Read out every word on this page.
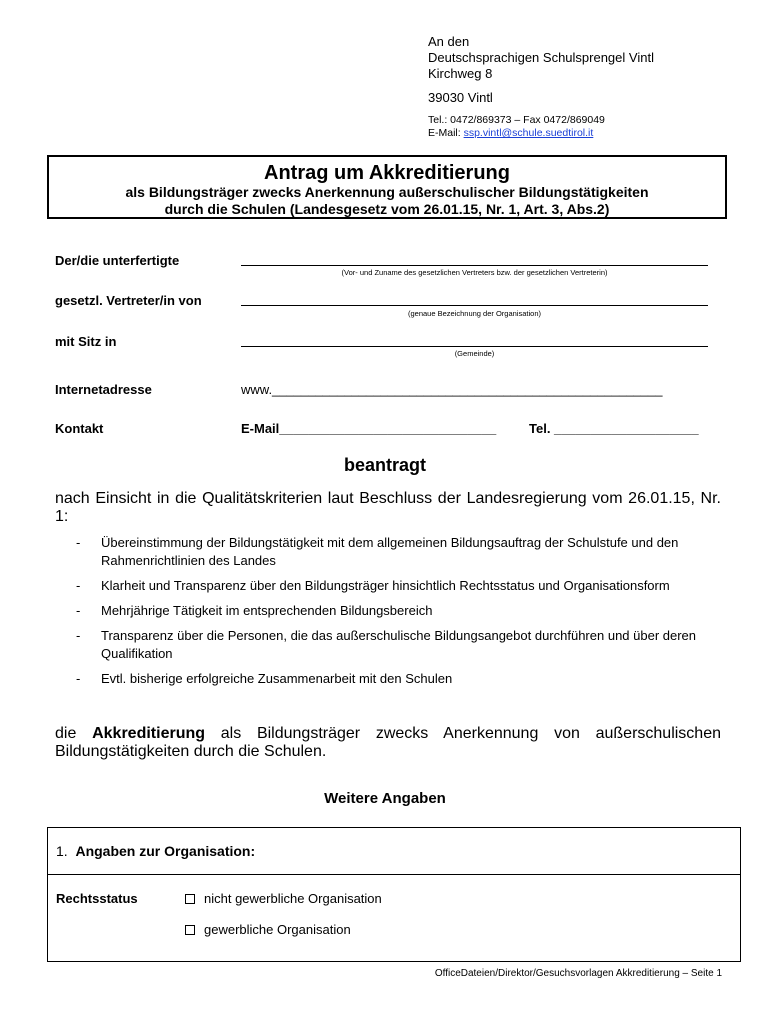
An den
Deutschsprachigen Schulsprengel Vintl
Kirchweg 8
39030 Vintl
Tel.: 0472/869373 – Fax 0472/869049
E-Mail: ssp.vintl@schule.suedtirol.it
Antrag um Akkreditierung
als Bildungsträger zwecks Anerkennung außerschulischer Bildungstätigkeiten
durch die Schulen (Landesgesetz vom 26.01.15, Nr. 1, Art. 3, Abs.2)
Der/die unterfertigte
(Vor- und Zuname des gesetzlichen Vertreters bzw. der gesetzlichen Vertreterin)
gesetzl. Vertreter/in von
(genaue Bezeichnung der Organisation)
mit Sitz in
(Gemeinde)
Internetadresse	www.______________________________________________________
Kontakt	E-Mail______________________________	Tel. ____________________
beantragt
nach Einsicht in die Qualitätskriterien laut Beschluss der Landesregierung vom 26.01.15, Nr. 1:
- Übereinstimmung der Bildungstätigkeit mit dem allgemeinen Bildungsauftrag der Schulstufe und den Rahmenrichtlinien des Landes
- Klarheit und Transparenz über den Bildungsträger hinsichtlich Rechtsstatus und Organisationsform
- Mehrjährige Tätigkeit im entsprechenden Bildungsbereich
- Transparenz über die Personen, die das außerschulische Bildungsangebot durchführen und über deren Qualifikation
- Evtl. bisherige erfolgreiche Zusammenarbeit mit den Schulen
die Akkreditierung als Bildungsträger zwecks Anerkennung von außerschulischen Bildungstätigkeiten durch die Schulen.
Weitere Angaben
1. Angaben zur Organisation:
Rechtsstatus	nicht gewerbliche Organisation
gewerbliche Organisation
OfficeDateien/Direktor/Gesuchsvorlagen Akkreditierung – Seite 1
